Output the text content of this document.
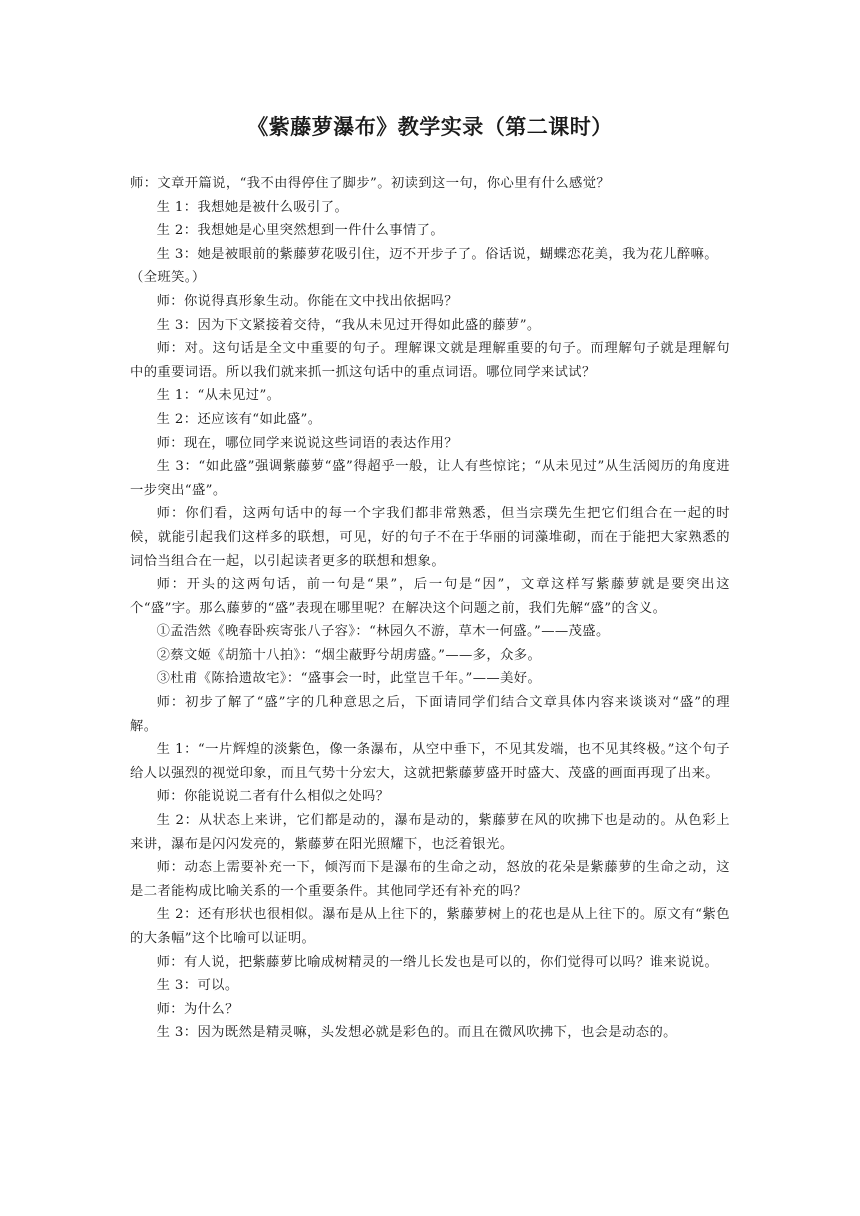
《紫藤萝瀑布》教学实录（第二课时）

师：文章开篇说，“我不由得停住了脚步”。初读到这一句，你心里有什么感觉？

生 1：我想她是被什么吸引了。

生 2：我想她是心里突然想到一件什么事情了。

生 3：她是被眼前的紫藤萝花吸引住，迈不开步子了。俗话说，蝴蝶恋花美，我为花儿醉嘛。

（全班笑。）

师：你说得真形象生动。你能在文中找出依据吗？

生 3：因为下文紧接着交待，“我从未见过开得如此盛的藤萝”。

师：对。这句话是全文中重要的句子。理解课文就是理解重要的句子。而理解句子就是理解句中的重要词语。所以我们就来抓一抓这句话中的重点词语。哪位同学来试试？

生 1：“从未见过”。

生 2：还应该有“如此盛”。

师：现在，哪位同学来说说这些词语的表达作用？

生 3：“如此盛”强调紫藤萝“盛”得超乎一般，让人有些惊诧；“从未见过”从生活阅历的角度进一步突出“盛”。

师：你们看，这两句话中的每一个字我们都非常熟悉，但当宗璞先生把它们组合在一起的时候，就能引起我们这样多的联想，可见，好的句子不在于华丽的词藻堆砌，而在于能把大家熟悉的词恰当组合在一起，以引起读者更多的联想和想象。

师：开头的这两句话，前一句是“果”，后一句是“因”，文章这样写紫藤萝就是要突出这个“盛”字。那么藤萝的“盛”表现在哪里呢？在解决这个问题之前，我们先解“盛”的含义。

①孟浩然《晚春卧疾寄张八子容》：“林园久不游，草木一何盛。”——茂盛。

②蔡文姬《胡笳十八拍》：“烟尘蔽野兮胡虏盛。”——多，众多。

③杜甫《陈拾遗故宅》：“盛事会一时，此堂岂千年。”——美好。

师：初步了解了“盛”字的几种意思之后，下面请同学们结合文章具体内容来谈谈对“盛”的理解。

生 1：“一片辉煌的淡紫色，像一条瀑布，从空中垂下，不见其发端，也不见其终极。”这个句子给人以强烈的视觉印象，而且气势十分宏大，这就把紫藤萝盛开时盛大、茂盛的画面再现了出来。

师：你能说说二者有什么相似之处吗？

生 2：从状态上来讲，它们都是动的，瀑布是动的，紫藤萝在风的吹拂下也是动的。从色彩上来讲，瀑布是闪闪发亮的，紫藤萝在阳光照耀下，也泛着银光。

师：动态上需要补充一下，倾泻而下是瀑布的生命之动，怒放的花朵是紫藤萝的生命之动，这是二者能构成比喻关系的一个重要条件。其他同学还有补充的吗？

生 2：还有形状也很相似。瀑布是从上往下的，紫藤萝树上的花也是从上往下的。原文有“紫色的大条幅”这个比喻可以证明。

师：有人说，把紫藤萝比喻成树精灵的一绺儿长发也是可以的，你们觉得可以吗？谁来说说。

生 3：可以。

师：为什么？

生 3：因为既然是精灵嘛，头发想必就是彩色的。而且在微风吹拂下，也会是动态的。
